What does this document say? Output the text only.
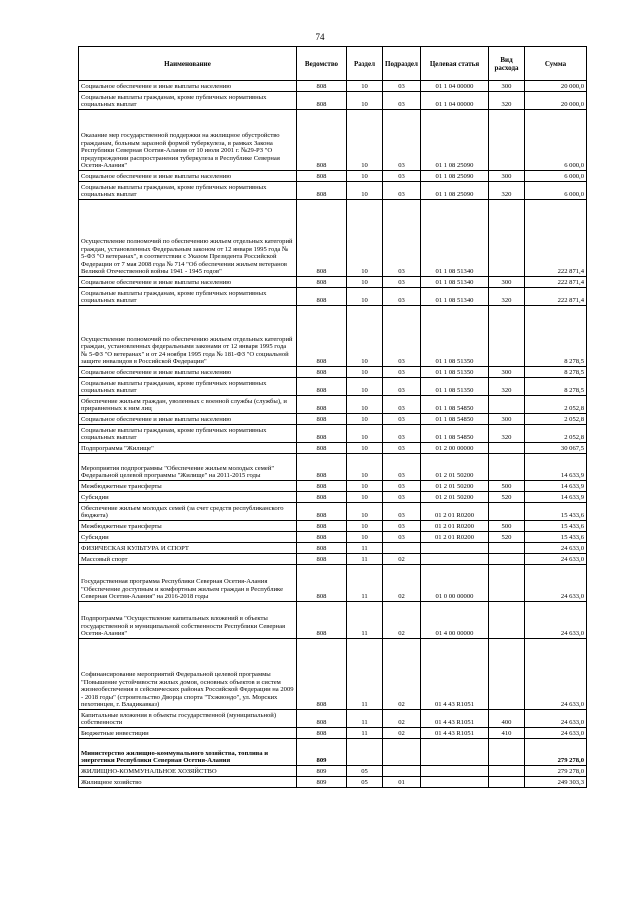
74
Наименование	Ведомство	Раздел	Подраздел	Целевая статья	Вид расхода	Сумма
Социальное обеспечение и иные выплаты населению	808	10	03	01 1 04 00000	300	20 000,0
Социальные выплаты гражданам, кроме публичных нормативных социальных выплат	808	10	03	01 1 04 00000	320	20 000,0
Оказание мер государственной поддержки на жилищное обустройство гражданам, больным заразной формой туберкулеза, в рамках Закона Республики Северная Осетия-Алания от 10 июля 2001 г. №29-РЗ "О предупреждении распространения туберкулеза в Республике Северная Осетия-Алания"	808	10	03	01 1 08 25090		6 000,0
Социальное обеспечение и иные выплаты населению	808	10	03	01 1 08 25090	300	6 000,0
Социальные выплаты гражданам, кроме публичных нормативных социальных выплат	808	10	03	01 1 08 25090	320	6 000,0
Осуществление полномочий по обеспечению жильем отдельных категорий граждан, установленных Федеральным законом от 12 января 1995 года № 5-ФЗ "О ветеранах", в соответствии с Указом Президента Российской Федерации от 7 мая 2008 года № 714 "Об обеспечении жильем ветеранов Великой Отечественной войны 1941 - 1945 годов"	808	10	03	01 1 08 51340		222 871,4
Социальное обеспечение и иные выплаты населению	808	10	03	01 1 08 51340	300	222 871,4
Социальные выплаты гражданам, кроме публичных нормативных социальных выплат	808	10	03	01 1 08 51340	320	222 871,4
Осуществление полномочий по обеспечению жильем отдельных категорий граждан, установленных федеральными законами от 12 января 1995 года № 5-ФЗ "О ветеранах" и от 24 ноября 1995 года № 181-ФЗ "О социальной защите инвалидов в Российской Федерации"	808	10	03	01 1 08 51350		8 278,5
Социальное обеспечение и иные выплаты населению	808	10	03	01 1 08 51350	300	8 278,5
Социальные выплаты гражданам, кроме публичных нормативных социальных выплат	808	10	03	01 1 08 51350	320	8 278,5
Обеспечение жильем граждан, уволенных с военной службы (службы), и приравненных к ним лиц	808	10	03	01 1 08 54850		2 052,8
Социальное обеспечение и иные выплаты населению	808	10	03	01 1 08 54850	300	2 052,8
Социальные выплаты гражданам, кроме публичных нормативных социальных выплат	808	10	03	01 1 08 54850	320	2 052,8
Подпрограмма "Жилище"	808	10	03	01 2 00 00000		30 067,5
Мероприятия подпрограммы "Обеспечение жильем молодых семей" Федеральной целевой программы "Жилище" на 2011-2015 годы	808	10	03	01 2 01 50200		14 633,9
Межбюджетные трансферты	808	10	03	01 2 01 50200	500	14 633,9
Субсидии	808	10	03	01 2 01 50200	520	14 633,9
Обеспечение жильем молодых семей (за счет средств республиканского бюджета)	808	10	03	01 2 01 R0200		15 433,6
Межбюджетные трансферты	808	10	03	01 2 01 R0200	500	15 433,6
Субсидии	808	10	03	01 2 01 R0200	520	15 433,6
ФИЗИЧЕСКАЯ КУЛЬТУРА И СПОРТ	808	11				24 633,0
Массовый спорт	808	11	02			24 633,0
Государственная программа Республики Северная Осетия-Алания "Обеспечение доступным и комфортным жильем граждан в Республике Северная Осетия-Алания" на 2016-2018 годы	808	11	02	01 0 00 00000		24 633,0
Подпрограмма "Осуществление капитальных вложений в объекты государственной и муниципальной собственности Республики Северная Осетия-Алания"	808	11	02	01 4 00 00000		24 633,0
Софинансирование мероприятий Федеральной целевой программы "Повышение устойчивости жилых домов, основных объектов и систем жизнеобеспечения в сейсмических районах Российской Федерации на 2009 - 2018 годы" (строительство Дворца спорта "Тхэквондо", ул. Морских пехотинцев, г. Владикавказ)	808	11	02	01 4 43 R1051		24 633,0
Капитальные вложения в объекты государственной (муниципальной) собственности	808	11	02	01 4 43 R1051	400	24 633,0
Бюджетные инвестиции	808	11	02	01 4 43 R1051	410	24 633,0
Министерство жилищно-коммунального хозяйства, топлива и энергетики Республики Северная Осетия-Алания	809					279 278,0
ЖИЛИЩНО-КОММУНАЛЬНОЕ ХОЗЯЙСТВО	809	05				279 278,0
Жилищное хозяйство	809	05	01			249 303,3
